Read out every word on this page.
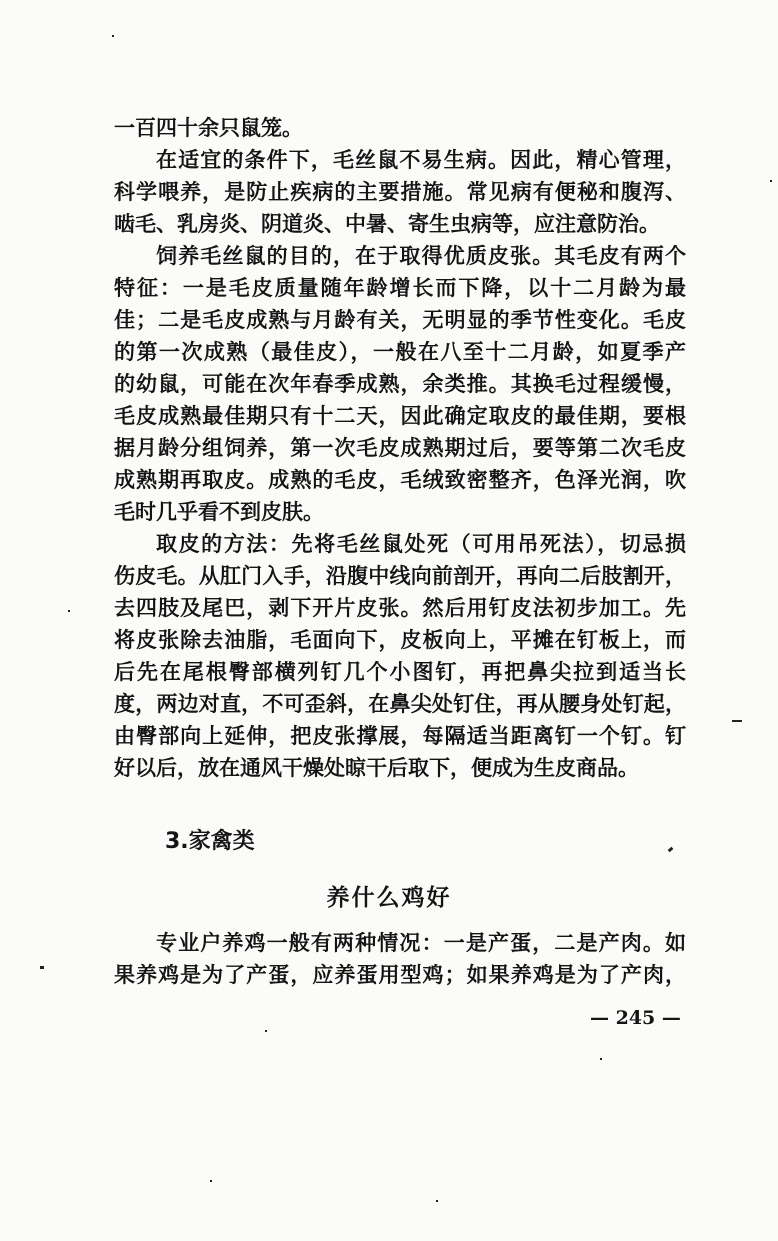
一百四十余只鼠笼。
在适宜的条件下，毛丝鼠不易生病。因此，精心管理，
科学喂养，是防止疾病的主要措施。常见病有便秘和腹泻、
啮毛、乳房炎、阴道炎、中暑、寄生虫病等，应注意防治。
饲养毛丝鼠的目的，在于取得优质皮张。其毛皮有两个
特征：一是毛皮质量随年龄增长而下降，以十二月龄为最
佳；二是毛皮成熟与月龄有关，无明显的季节性变化。毛皮
的第一次成熟（最佳皮），一般在八至十二月龄，如夏季产
的幼鼠，可能在次年春季成熟，余类推。其换毛过程缓慢，
毛皮成熟最佳期只有十二天，因此确定取皮的最佳期，要根
据月龄分组饲养，第一次毛皮成熟期过后，要等第二次毛皮
成熟期再取皮。成熟的毛皮，毛绒致密整齐，色泽光润，吹
毛时几乎看不到皮肤。
取皮的方法：先将毛丝鼠处死（可用吊死法），切忌损
伤皮毛。从肛门入手，沿腹中线向前剖开，再向二后肢割开，
去四肢及尾巴，剥下开片皮张。然后用钉皮法初步加工。先
将皮张除去油脂，毛面向下，皮板向上，平摊在钉板上，而
后先在尾根臀部横列钉几个小图钉，再把鼻尖拉到适当长
度，两边对直，不可歪斜，在鼻尖处钉住，再从腰身处钉起，
由臀部向上延伸，把皮张撑展，每隔适当距离钉一个钉。钉
好以后，放在通风干燥处晾干后取下，便成为生皮商品。
3.家禽类
养什么鸡好
专业户养鸡一般有两种情况：一是产蛋，二是产肉。如
果养鸡是为了产蛋，应养蛋用型鸡；如果养鸡是为了产肉，
— 245 —
